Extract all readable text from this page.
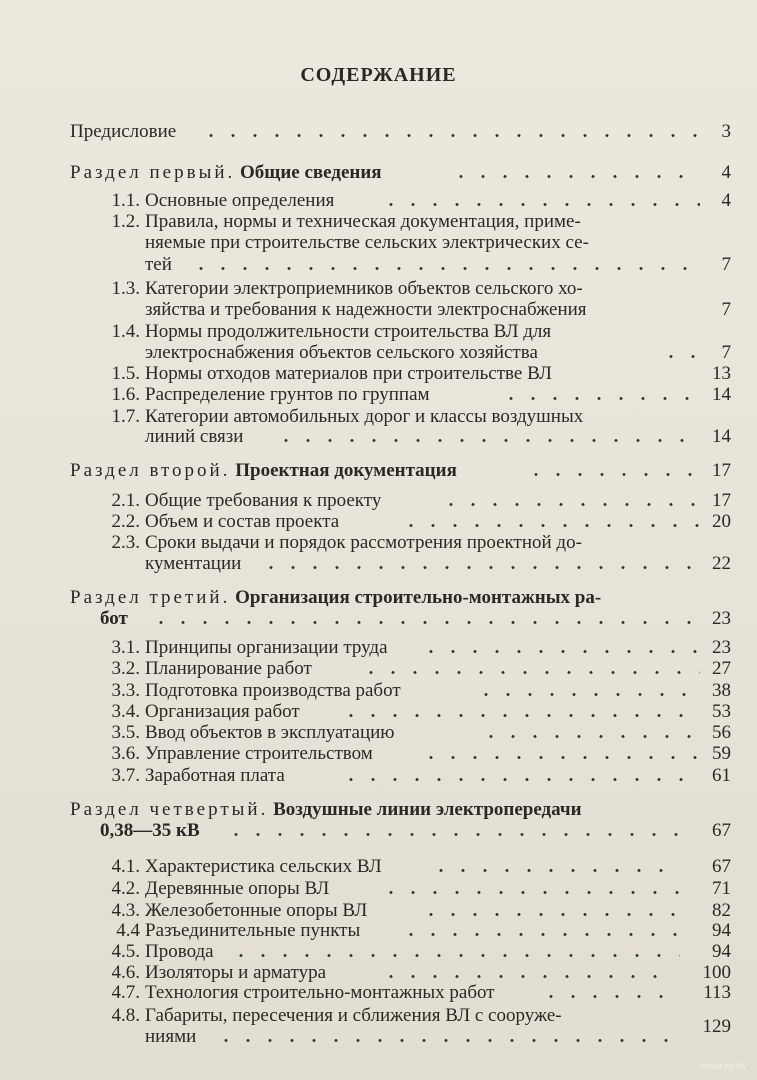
СОДЕРЖАНИЕ
Предисловие	3
Раздел первый. Общие сведения	4
1.1. Основные определения	4
1.2. Правила, нормы и техническая документация, приме-
няемые при строительстве сельских электрических се-
тей	7
1.3. Категории электроприемников объектов сельского хо-
зяйства и требования к надежности электроснабжения	7
1.4. Нормы продолжительности строительства ВЛ для
электроснабжения объектов сельского хозяйства	7
1.5. Нормы отходов материалов при строительстве ВЛ	13
1.6. Распределение грунтов по группам	14
1.7. Категории автомобильных дорог и классы воздушных
линий связи	14
Раздел второй. Проектная документация	17
2.1. Общие требования к проекту	17
2.2. Объем и состав проекта	20
2.3. Сроки выдачи и порядок рассмотрения проектной до-
кументации	22
Раздел третий. Организация строительно-монтажных ра-
бот	23
3.1. Принципы организации труда	23
3.2. Планирование работ	27
3.3. Подготовка производства работ	38
3.4. Организация работ	53
3.5. Ввод объектов в эксплуатацию	56
3.6. Управление строительством	59
3.7. Заработная плата	61
Раздел четвертый. Воздушные линии электропередачи
0,38—35 кВ	67
4.1. Характеристика сельских ВЛ	67
4.2. Деревянные опоры ВЛ	71
4.3. Железобетонные опоры ВЛ	82
4.4 Разъединительные пункты	94
4.5. Провода	94
4.6. Изоляторы и арматура	100
4.7. Технология строительно-монтажных работ	113
4.8. Габариты, пересечения и сближения ВЛ с сооруже-
ниями	129
www.ay.by
